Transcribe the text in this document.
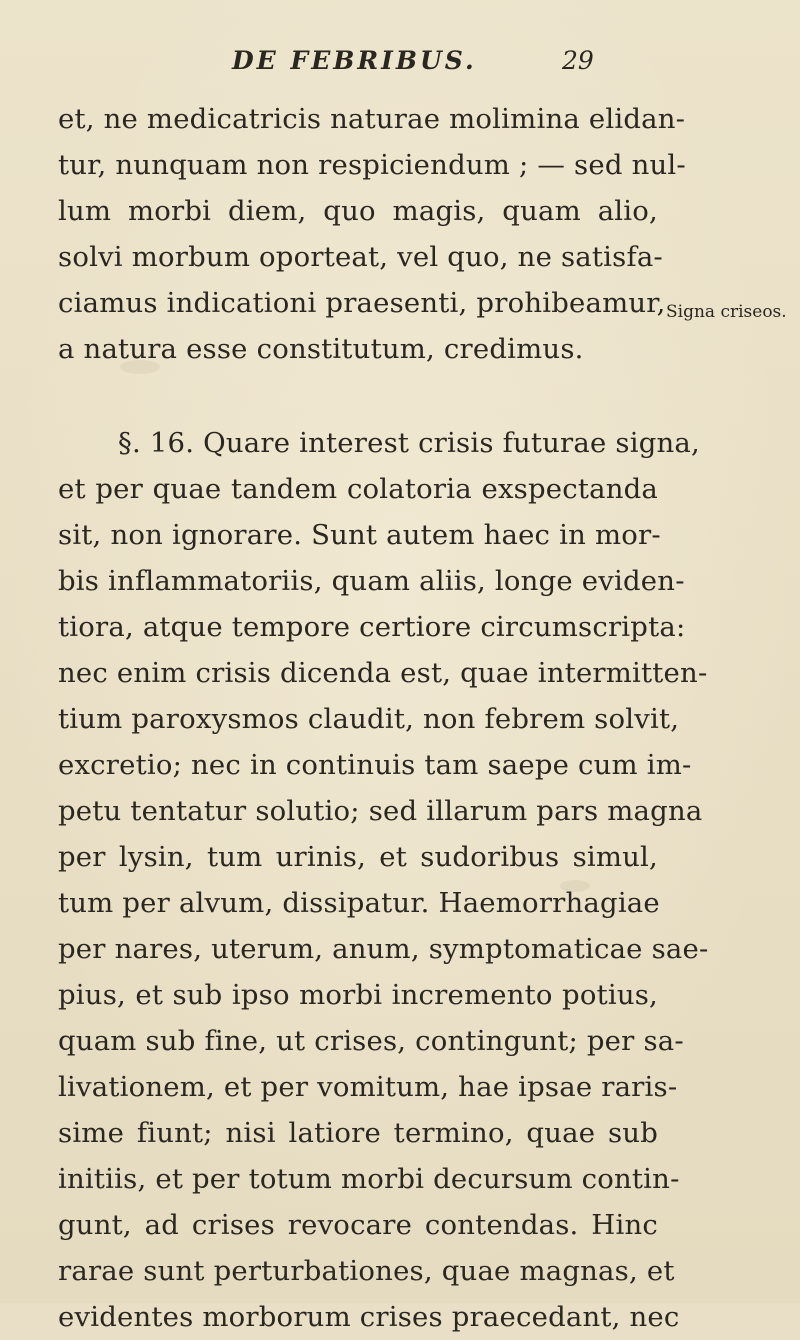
DE FEBRIBUS.	29
et, ne medicatricis naturae molimina elidan-
tur, nunquam non respiciendum ; — sed nul-
lum morbi diem, quo magis, quam alio,
solvi morbum oporteat, vel quo, ne satisfa-
ciamus indicationi praesenti, prohibeamur,
a natura esse constitutum, credimus.
§. 16. Quare interest crisis futurae signa,
et per quae tandem colatoria exspectanda
sit, non ignorare. Sunt autem haec in mor-
bis inflammatoriis, quam aliis, longe eviden-
tiora, atque tempore certiore circumscripta:
nec enim crisis dicenda est, quae intermitten-
tium paroxysmos claudit, non febrem solvit,
excretio; nec in continuis tam saepe cum im-
petu tentatur solutio; sed illarum pars magna
per lysin, tum urinis, et sudoribus simul,
tum per alvum, dissipatur. Haemorrhagiae
per nares, uterum, anum, symptomaticae sae-
pius, et sub ipso morbi incremento potius,
quam sub fine, ut crises, contingunt; per sa-
livationem, et per vomitum, hae ipsae raris-
sime fiunt; nisi latiore termino, quae sub
initiis, et per totum morbi decursum contin-
gunt, ad crises revocare contendas. Hinc
rarae sunt perturbationes, quae magnas, et
evidentes morborum crises praecedant, nec
Signa criseos.
